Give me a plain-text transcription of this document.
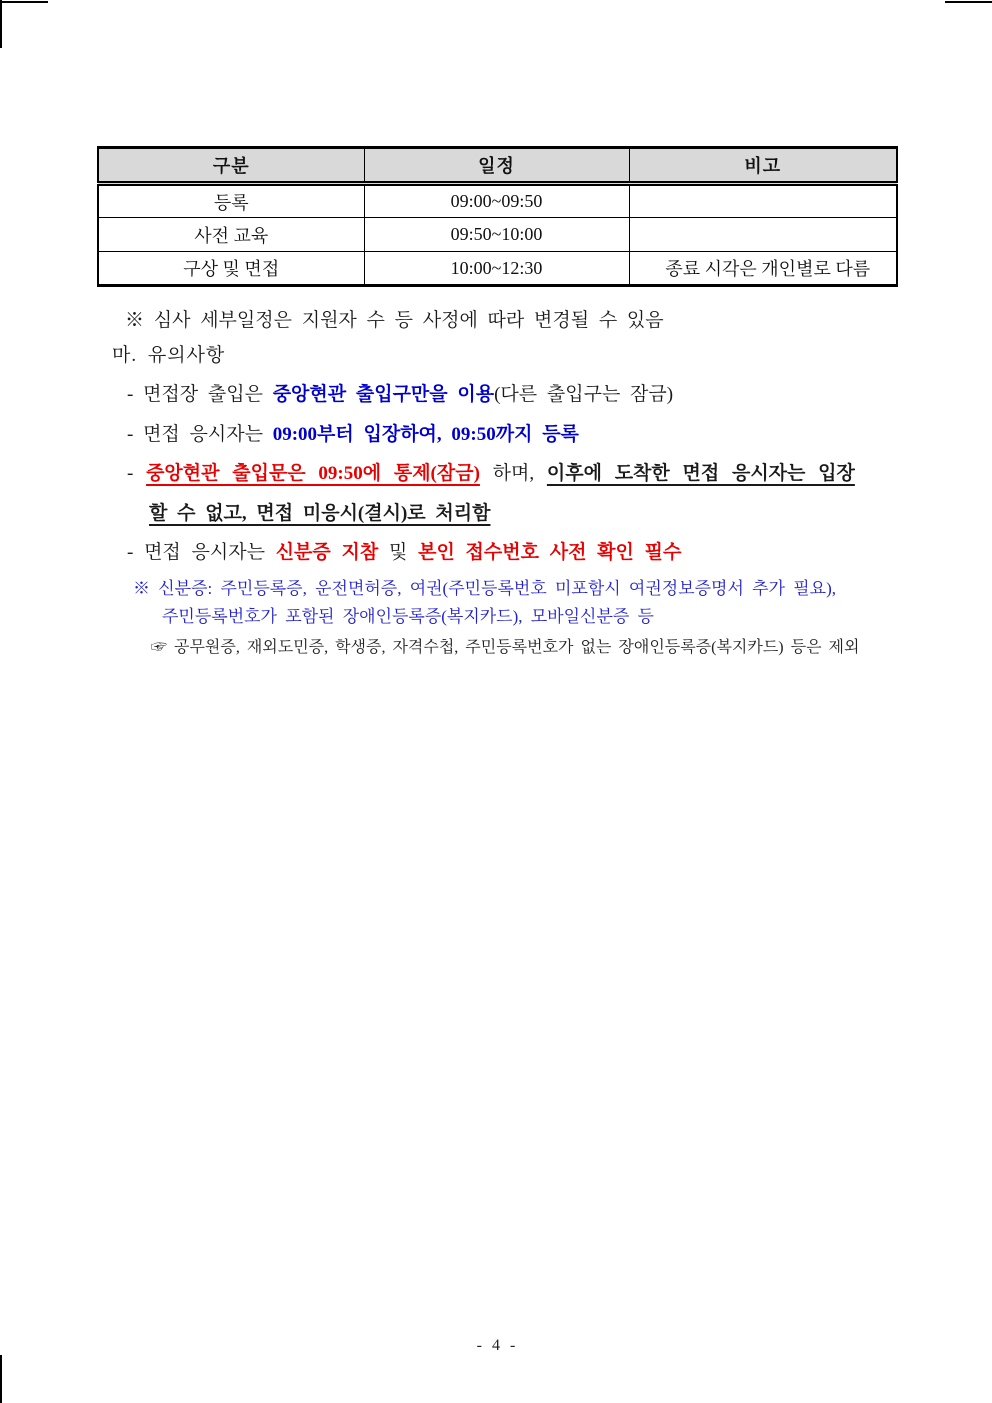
구분	일정	비고
등록	09:00~09:50	
사전 교육	09:50~10:00	
구상 및 면접	10:00~12:30	종료 시각은 개인별로 다름
※ 심사 세부일정은 지원자 수 등 사정에 따라 변경될 수 있음
마. 유의사항
- 면접장 출입은 중앙현관 출입구만을 이용(다른 출입구는 잠금)
- 면접 응시자는 09:00부터 입장하여, 09:50까지 등록
- 중앙현관 출입문은 09:50에 통제(잠금) 하며, 이후에 도착한 면접 응시자는 입장
할 수 없고, 면접 미응시(결시)로 처리함
- 면접 응시자는 신분증 지참 및 본인 접수번호 사전 확인 필수
※ 신분증: 주민등록증, 운전면허증, 여권(주민등록번호 미포함시 여권정보증명서 추가 필요),
주민등록번호가 포함된 장애인등록증(복지카드), 모바일신분증 등
☞ 공무원증, 재외도민증, 학생증, 자격수첩, 주민등록번호가 없는 장애인등록증(복지카드) 등은 제외
- 4 -
